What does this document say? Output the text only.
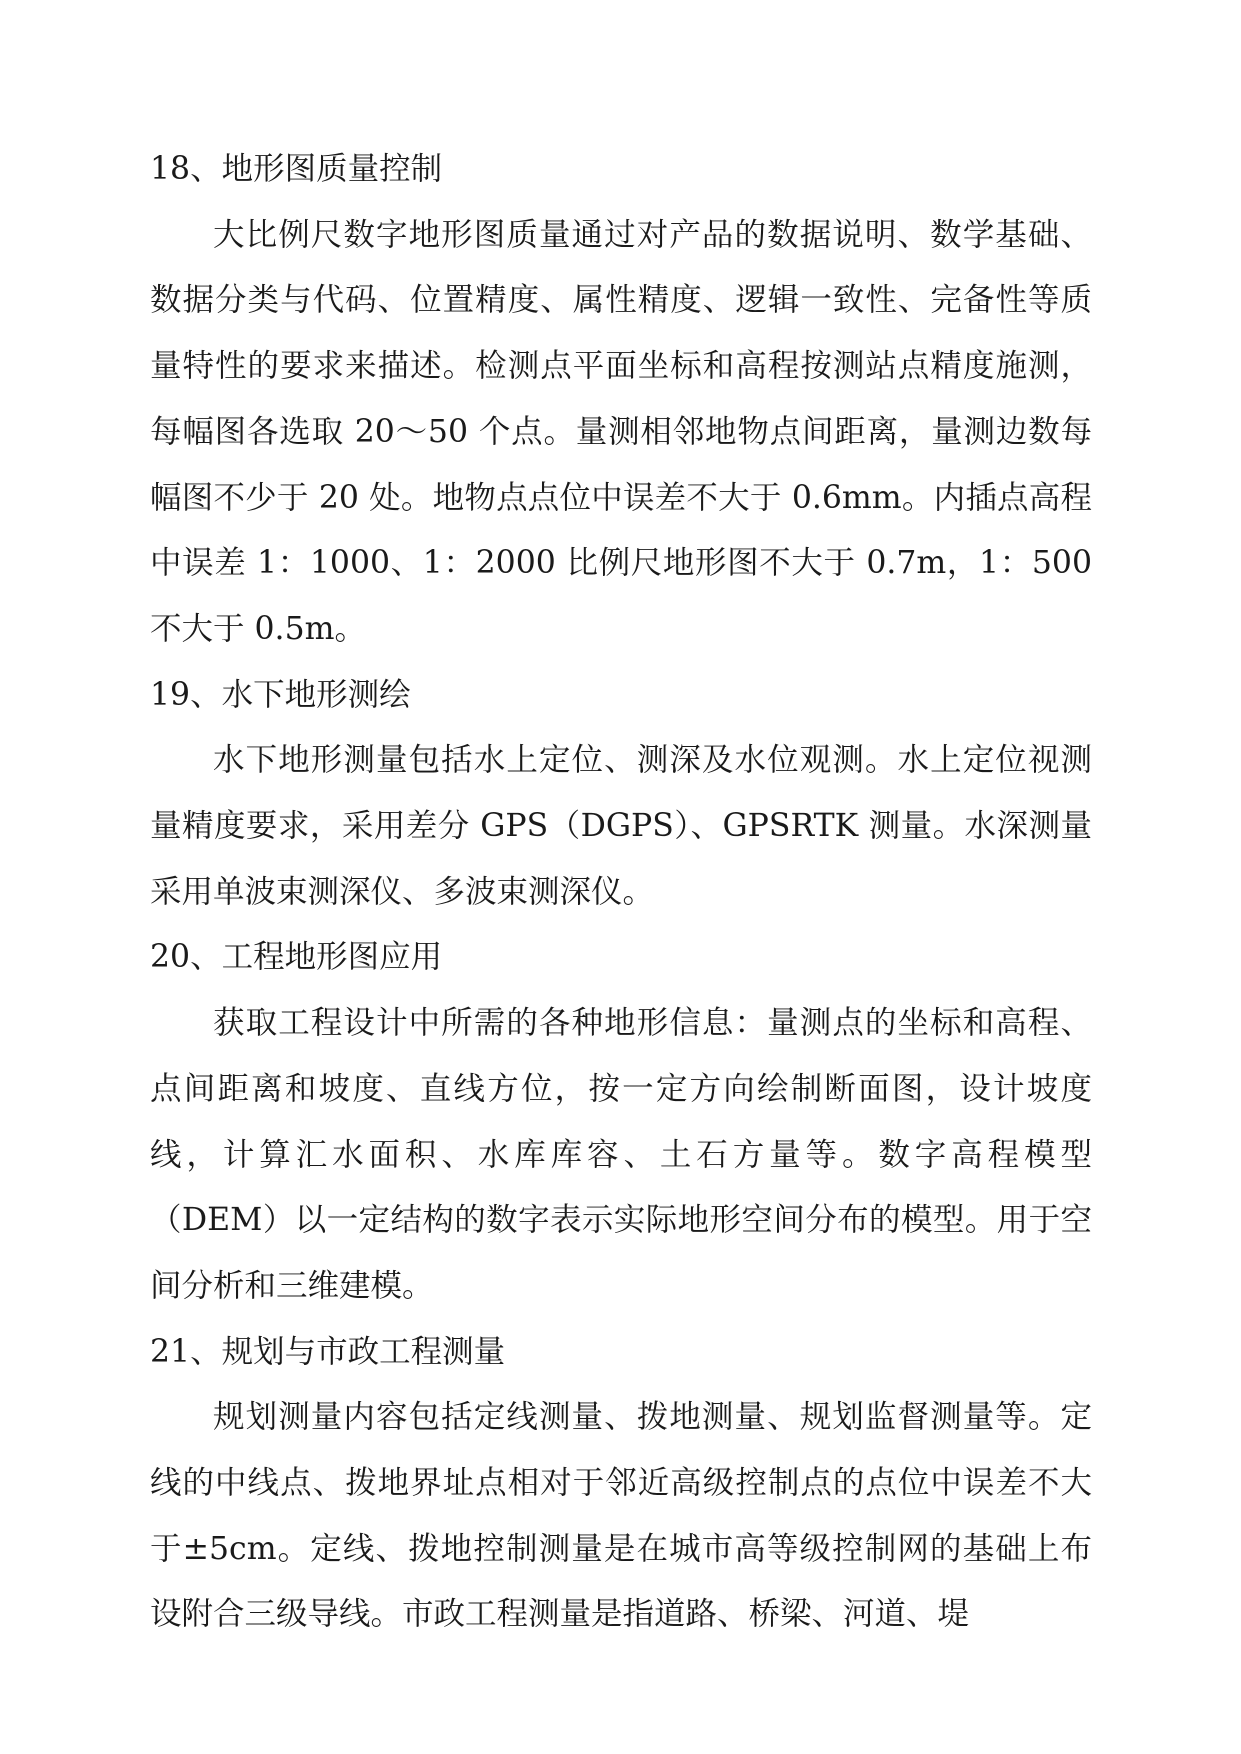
18、地形图质量控制

大比例尺数字地形图质量通过对产品的数据说明、数学基础、数据分类与代码、位置精度、属性精度、逻辑一致性、完备性等质量特性的要求来描述。检测点平面坐标和高程按测站点精度施测，每幅图各选取 20～50 个点。量测相邻地物点间距离，量测边数每幅图不少于 20 处。地物点点位中误差不大于 0.6mm。内插点高程中误差 1：1000、1：2000 比例尺地形图不大于 0.7m，1：500 不大于 0.5m。

19、水下地形测绘

水下地形测量包括水上定位、测深及水位观测。水上定位视测量精度要求，采用差分 GPS（DGPS）、GPSRTK 测量。水深测量采用单波束测深仪、多波束测深仪。

20、工程地形图应用

获取工程设计中所需的各种地形信息：量测点的坐标和高程、点间距离和坡度、直线方位，按一定方向绘制断面图，设计坡度线，计算汇水面积、水库库容、土石方量等。数字高程模型（DEM）以一定结构的数字表示实际地形空间分布的模型。用于空间分析和三维建模。

21、规划与市政工程测量

规划测量内容包括定线测量、拨地测量、规划监督测量等。定线的中线点、拨地界址点相对于邻近高级控制点的点位中误差不大于±5cm。定线、拨地控制测量是在城市高等级控制网的基础上布设附合三级导线。市政工程测量是指道路、桥梁、河道、堤
